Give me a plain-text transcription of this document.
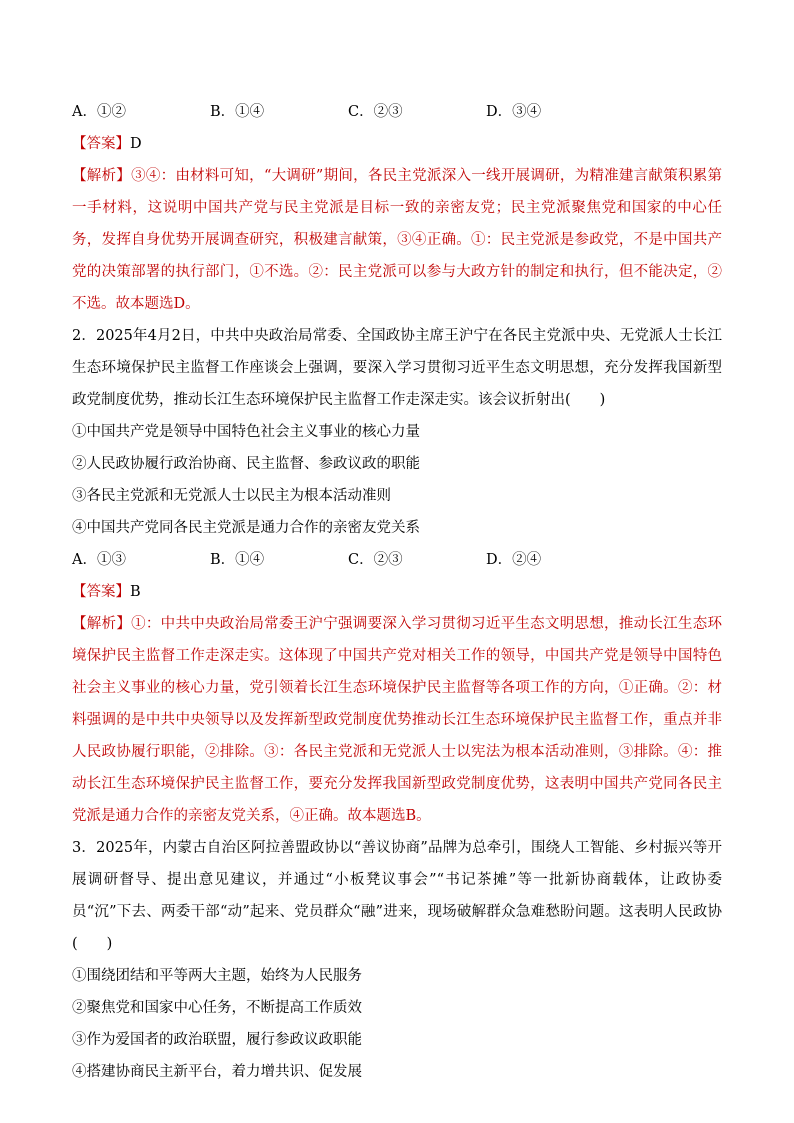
A．①②	B．①④	C．②③	D．③④
【答案】D
【解析】③④：由材料可知，“大调研”期间，各民主党派深入一线开展调研，为精准建言献策积累第一手材料，这说明中国共产党与民主党派是目标一致的亲密友党；民主党派聚焦党和国家的中心任务，发挥自身优势开展调查研究，积极建言献策，③④正确。①：民主党派是参政党，不是中国共产党的决策部署的执行部门，①不选。②：民主党派可以参与大政方针的制定和执行，但不能决定，②不选。故本题选D。
2．2025年4月2日，中共中央政治局常委、全国政协主席王沪宁在各民主党派中央、无党派人士长江生态环境保护民主监督工作座谈会上强调，要深入学习贯彻习近平生态文明思想，充分发挥我国新型政党制度优势，推动长江生态环境保护民主监督工作走深走实。该会议折射出(　　)
①中国共产党是领导中国特色社会主义事业的核心力量
②人民政协履行政治协商、民主监督、参政议政的职能
③各民主党派和无党派人士以民主为根本活动准则
④中国共产党同各民主党派是通力合作的亲密友党关系
A．①③	B．①④	C．②③	D．②④
【答案】B
【解析】①：中共中央政治局常委王沪宁强调要深入学习贯彻习近平生态文明思想，推动长江生态环境保护民主监督工作走深走实。这体现了中国共产党对相关工作的领导，中国共产党是领导中国特色社会主义事业的核心力量，党引领着长江生态环境保护民主监督等各项工作的方向，①正确。②：材料强调的是中共中央领导以及发挥新型政党制度优势推动长江生态环境保护民主监督工作，重点并非人民政协履行职能，②排除。③：各民主党派和无党派人士以宪法为根本活动准则，③排除。④：推动长江生态环境保护民主监督工作，要充分发挥我国新型政党制度优势，这表明中国共产党同各民主党派是通力合作的亲密友党关系，④正确。故本题选B。
3．2025年，内蒙古自治区阿拉善盟政协以“善议协商”品牌为总牵引，围绕人工智能、乡村振兴等开展调研督导、提出意见建议，并通过“小板凳议事会”“书记茶摊”等一批新协商载体，让政协委员“沉”下去、两委干部“动”起来、党员群众“融”进来，现场破解群众急难愁盼问题。这表明人民政协(　　)
①围绕团结和平等两大主题，始终为人民服务
②聚焦党和国家中心任务，不断提高工作质效
③作为爱国者的政治联盟，履行参政议政职能
④搭建协商民主新平台，着力增共识、促发展
